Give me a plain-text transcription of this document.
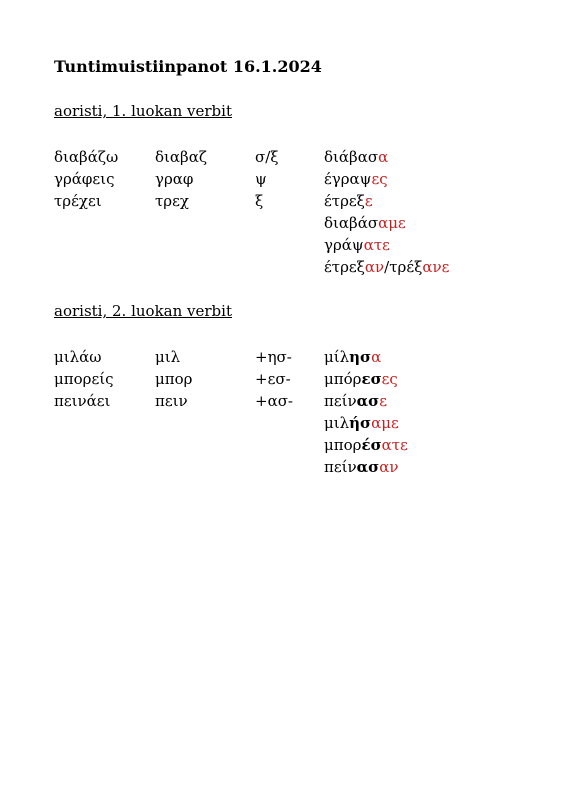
Tuntimuistiinpanot 16.1.2024
aoristi, 1. luokan verbit
διαβάζω διαβαζ	σ/ξ	διάβασα
γράφεις	γραφ	ψ	έγραψες
τρέχει	τρεχ	ξ	έτρεξε
διαβάσαμε
γράψατε
έτρεξαν/τρέξανε
aoristi, 2. luokan verbit
μιλάω	μιλ	+ησ- μίλησα
μπορείς	μπορ	+εσ- μπόρεσες
πεινάει	πειν	+ασ- πείνασε
μιλήσαμε
μπορέσατε
πείνασαν
